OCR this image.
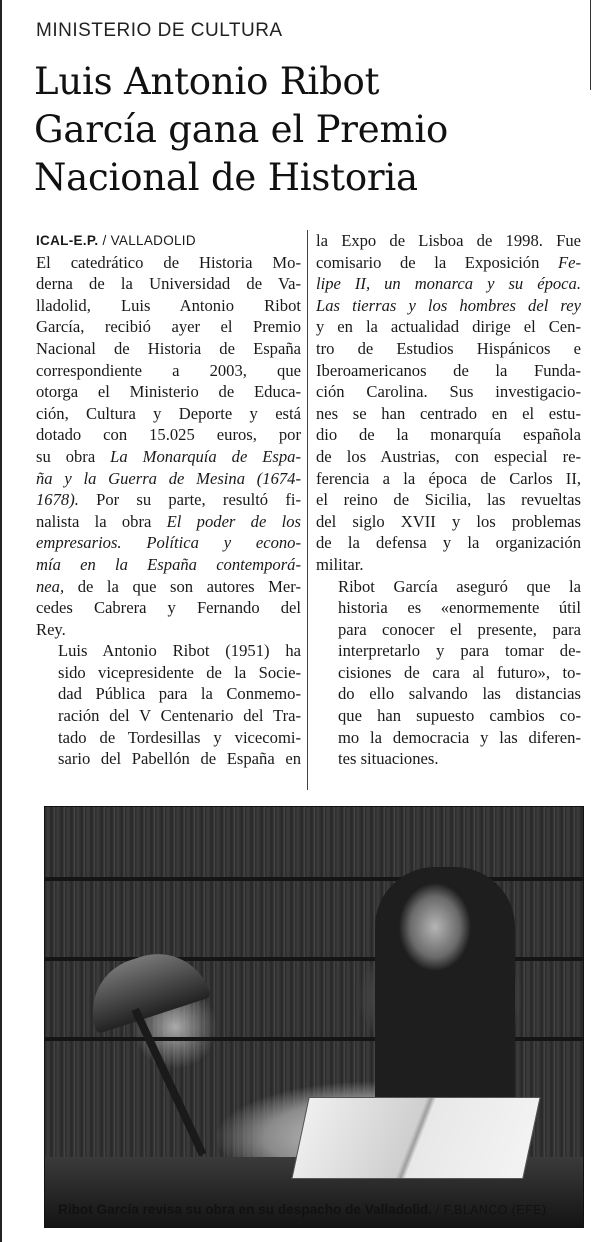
MINISTERIO DE CULTURA
Luis Antonio Ribot
García gana el Premio
Nacional de Historia

ICAL-E.P. / VALLADOLID

El catedrático de Historia Mo-
derna de la Universidad de Va-
lladolid, Luis Antonio Ribot
García, recibió ayer el Premio
Nacional de Historia de España
correspondiente a 2003, que
otorga el Ministerio de Educa-
ción, Cultura y Deporte y está
dotado con 15.025 euros, por
su obra La Monarquía de Espa-
ña y la Guerra de Mesina (1674-
1678). Por su parte, resultó fi-
nalista la obra El poder de los
empresarios. Política y econo-
mía en la España contemporá-
nea, de la que son autores Mer-
cedes Cabrera y Fernando del
Rey.

Luis Antonio Ribot (1951) ha
sido vicepresidente de la Socie-
dad Pública para la Conmemo-
ración del V Centenario del Tra-
tado de Tordesillas y vicecomi-
sario del Pabellón de España en

la Expo de Lisboa de 1998. Fue
comisario de la Exposición Fe-
lipe II, un monarca y su época.
Las tierras y los hombres del rey
y en la actualidad dirige el Cen-
tro de Estudios Hispánicos e
Iberoamericanos de la Funda-
ción Carolina. Sus investigacio-
nes se han centrado en el estu-
dio de la monarquía española
de los Austrias, con especial re-
ferencia a la época de Carlos II,
el reino de Sicilia, las revueltas
del siglo XVII y los problemas
de la defensa y la organización
militar.

Ribot García aseguró que la
historia es «enormemente útil
para conocer el presente, para
interpretarlo y para tomar de-
cisiones de cara al futuro», to-
do ello salvando las distancias
que han supuesto cambios co-
mo la democracia y las diferen-
tes situaciones.

Ribot García revisa su obra en su despacho de Valladolid. / F.BLANCO (EFE)
